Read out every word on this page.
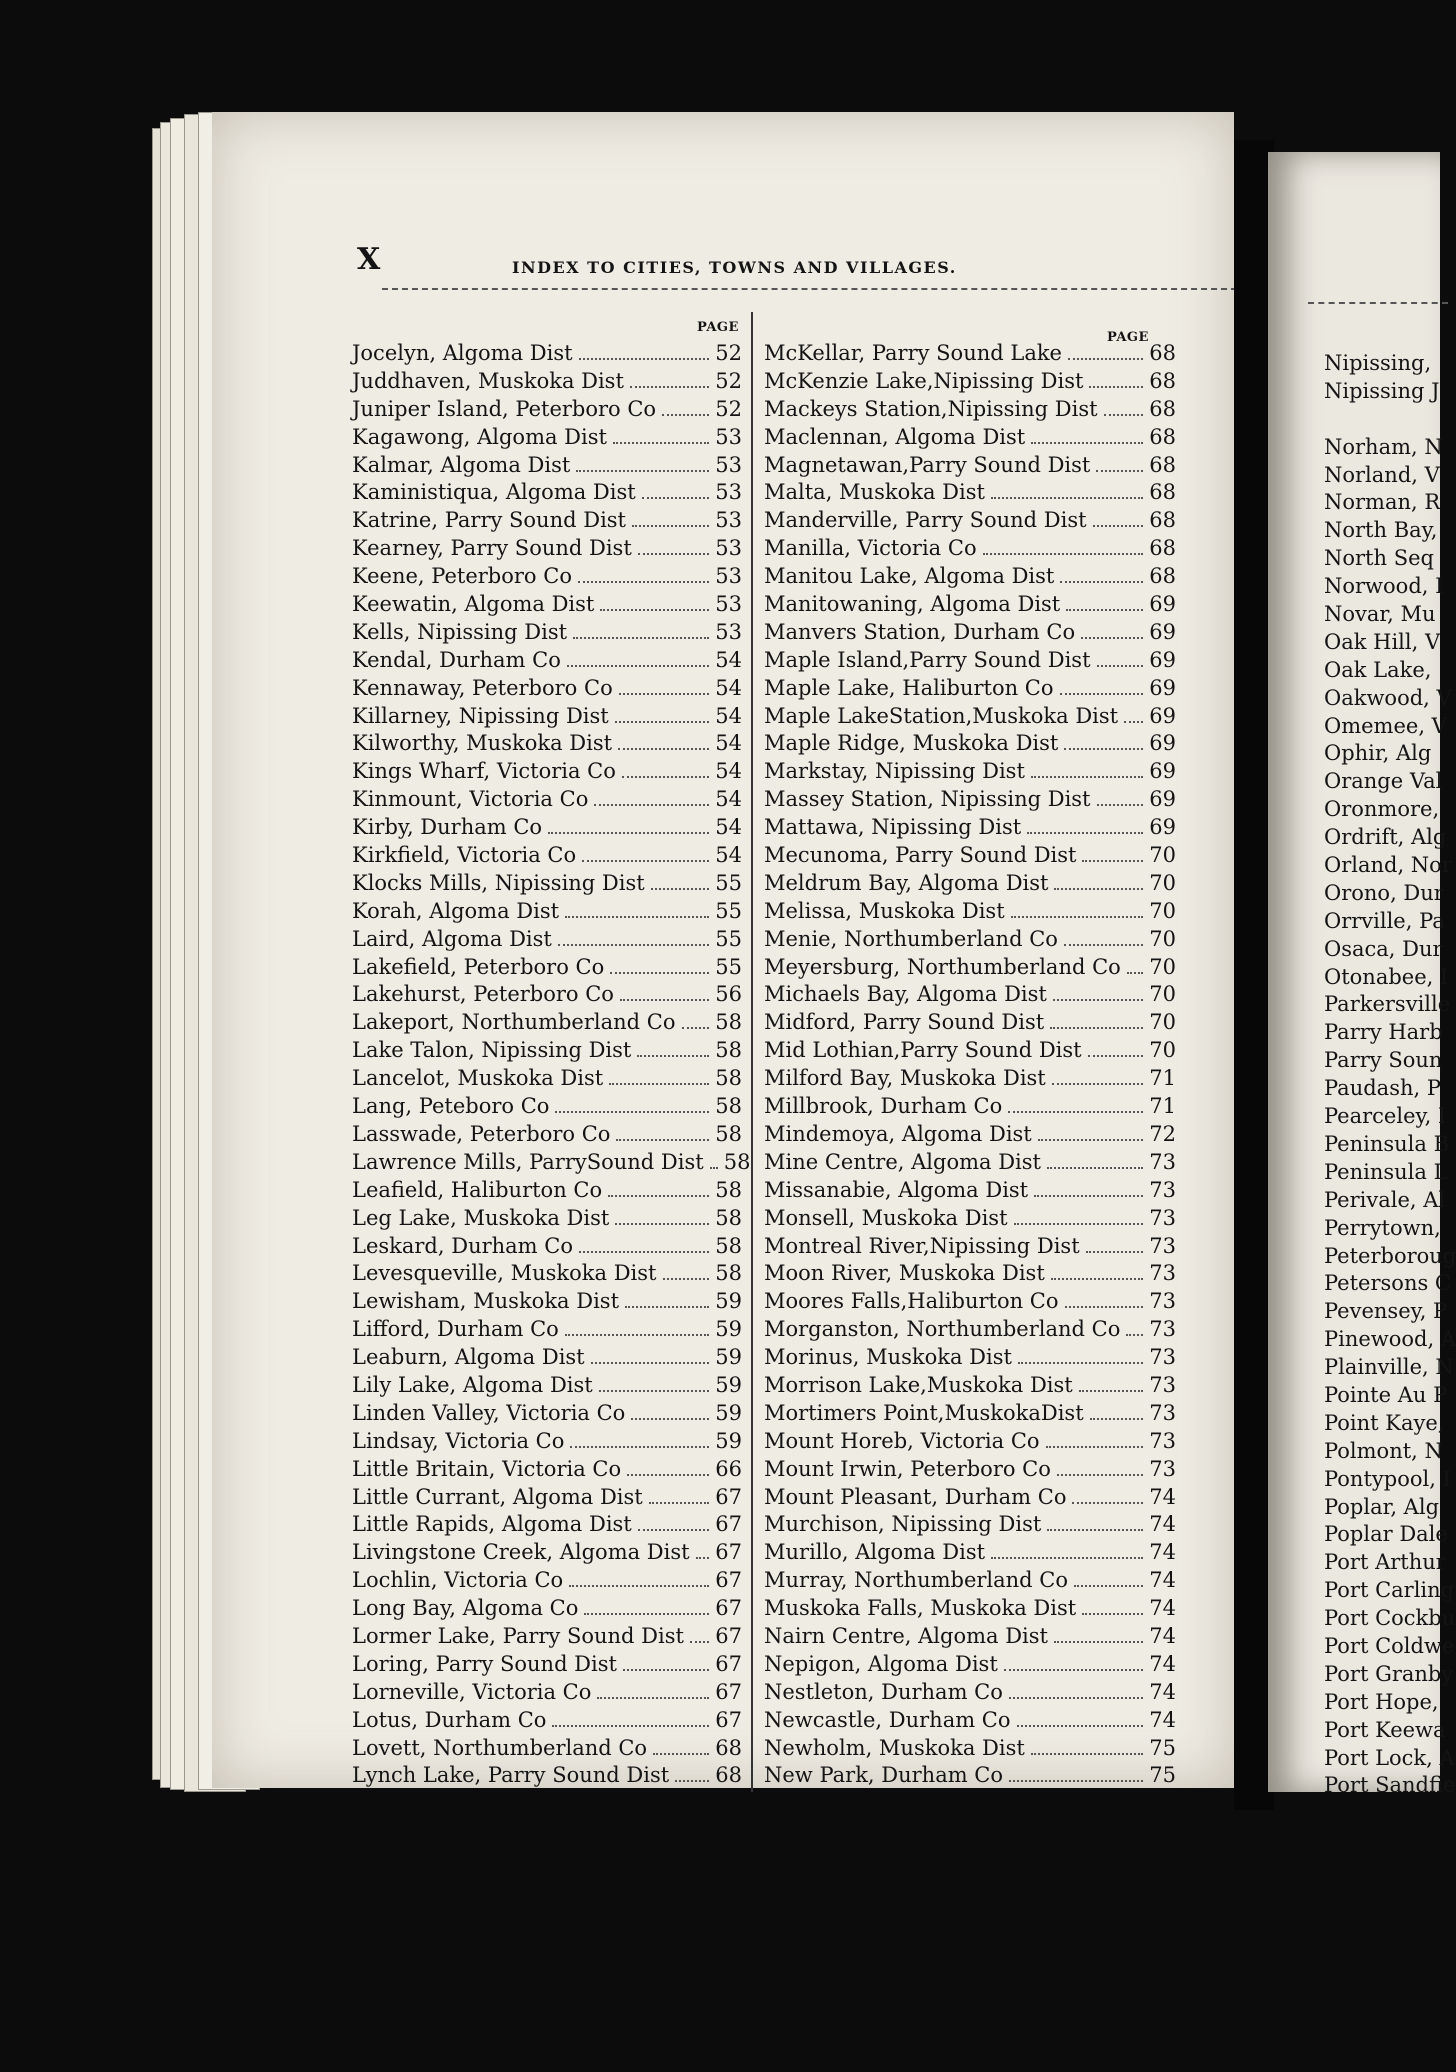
X	INDEX TO CITIES, TOWNS AND VILLAGES.
PAGE
PAGE
Jocelyn, Algoma Dist	52
Juddhaven, Muskoka Dist	52
Juniper Island, Peterboro Co	52
Kagawong, Algoma Dist	53
Kalmar, Algoma Dist	53
Kaministiqua, Algoma Dist	53
Katrine, Parry Sound Dist	53
Kearney, Parry Sound Dist	53
Keene, Peterboro Co	53
Keewatin, Algoma Dist	53
Kells, Nipissing Dist	53
Kendal, Durham Co	54
Kennaway, Peterboro Co	54
Killarney, Nipissing Dist	54
Kilworthy, Muskoka Dist	54
Kings Wharf, Victoria Co	54
Kinmount, Victoria Co	54
Kirby, Durham Co	54
Kirkfield, Victoria Co	54
Klocks Mills, Nipissing Dist	55
Korah, Algoma Dist	55
Laird, Algoma Dist	55
Lakefield, Peterboro Co	55
Lakehurst, Peterboro Co	56
Lakeport, Northumberland Co 58
Lake Talon, Nipissing Dist	58
Lancelot, Muskoka Dist	58
Lang, Peteboro Co	58
Lasswade, Peterboro Co	58
Lawrence Mills, ParrySound Dist 58
Leafield, Haliburton Co	58
Leg Lake, Muskoka Dist	58
Leskard, Durham Co	58
Levesqueville, Muskoka Dist	58
Lewisham, Muskoka Dist	59
Lifford, Durham Co	59
Leaburn, Algoma Dist	59
Lily Lake, Algoma Dist	59
Linden Valley, Victoria Co	59
Lindsay, Victoria Co	59
Little Britain, Victoria Co	66
Little Currant, Algoma Dist	67
Little Rapids, Algoma Dist	67
Livingstone Creek, Algoma Dist 67
Lochlin, Victoria Co	67
Long Bay, Algoma Co	67
Lormer Lake, Parry Sound Dist 67
Loring, Parry Sound Dist	67
Lorneville, Victoria Co	67
Lotus, Durham Co	67
Lovett, Northumberland Co	68
Lynch Lake, Parry Sound Dist 68
McKellar, Parry Sound Lake	68
McKenzie Lake,Nipissing Dist	68
Mackeys Station,Nipissing Dist 68
Maclennan, Algoma Dist	68
Magnetawan,Parry Sound Dist	68
Malta, Muskoka Dist	68
Manderville, Parry Sound Dist	68
Manilla, Victoria Co	68
Manitou Lake, Algoma Dist	68
Manitowaning, Algoma Dist	69
Manvers Station, Durham Co	69
Maple Island,Parry Sound Dist	69
Maple Lake, Haliburton Co	69
Maple LakeStation,Muskoka Dist 69
Maple Ridge, Muskoka Dist	69
Markstay, Nipissing Dist	69
Massey Station, Nipissing Dist	69
Mattawa, Nipissing Dist	69
Mecunoma, Parry Sound Dist	70
Meldrum Bay, Algoma Dist	70
Melissa, Muskoka Dist	70
Menie, Northumberland Co	70
Meyersburg, Northumberland Co 70
Michaels Bay, Algoma Dist	70
Midford, Parry Sound Dist	70
Mid Lothian,Parry Sound Dist	70
Milford Bay, Muskoka Dist	71
Millbrook, Durham Co	71
Mindemoya, Algoma Dist	72
Mine Centre, Algoma Dist	73
Missanabie, Algoma Dist	73
Monsell, Muskoka Dist	73
Montreal River,Nipissing Dist	73
Moon River, Muskoka Dist	73
Moores Falls,Haliburton Co	73
Morganston, Northumberland Co 73
Morinus, Muskoka Dist	73
Morrison Lake,Muskoka Dist	73
Mortimers Point,MuskokaDist	73
Mount Horeb, Victoria Co	73
Mount Irwin, Peterboro Co	73
Mount Pleasant, Durham Co	74
Murchison, Nipissing Dist	74
Murillo, Algoma Dist	74
Murray, Northumberland Co	74
Muskoka Falls, Muskoka Dist	74
Nairn Centre, Algoma Dist	74
Nepigon, Algoma Dist	74
Nestleton, Durham Co	74
Newcastle, Durham Co	74
Newholm, Muskoka Dist	75
New Park, Durham Co	75
Nipissing,
Nipissing J
Norham, N
Norland, V
Norman, R
North Bay,
North Seq
Norwood, I
Novar, Mu
Oak Hill, V
Oak Lake,
Oakwood, V
Omemee, V
Ophir, Alg
Orange Val
Oronmore,
Ordrift, Alg
Orland, Nor
Orono, Dur
Orrville, Pa
Osaca, Dur
Otonabee, I
Parkersville
Parry Harb
Parry Soun
Paudash, P
Pearceley, I
Peninsula B
Peninsula L
Perivale, Al
Perrytown,
Peterboroug
Petersons C
Pevensey, P
Pinewood, A
Plainville, N
Pointe Au P
Point Kaye,
Polmont, N
Pontypool, I
Poplar, Alg
Poplar Dale
Port Arthur
Port Carling
Port Cockbu
Port Coldwe
Port Granby
Port Hope,
Port Keewa
Port Lock, A
Port Sandfie
